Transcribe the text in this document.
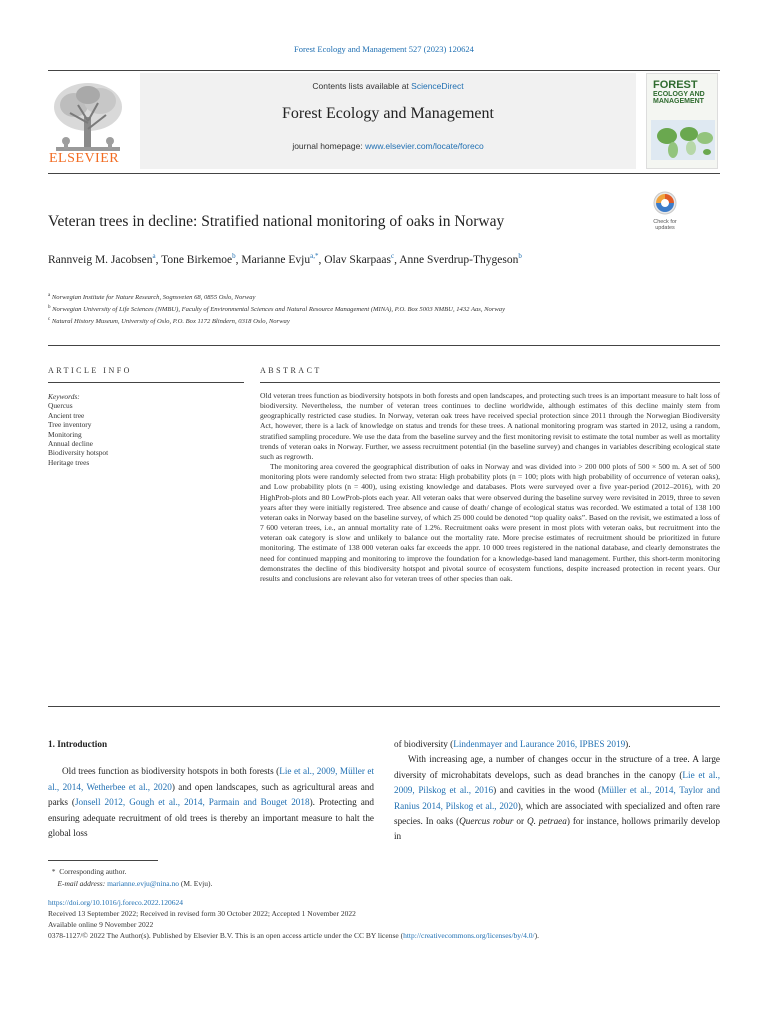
Forest Ecology and Management 527 (2023) 120624
ELSEVIER
Contents lists available at ScienceDirect
Forest Ecology and Management
journal homepage: www.elsevier.com/locate/foreco
FOREST
ECOLOGY AND
MANAGEMENT
Veteran trees in decline: Stratified national monitoring of oaks in Norway	Check for
updates
Rannveig M. Jacobsen$^a$, Tone Birkemoe$^b$, Marianne Evju$^{a,*}$, Olav Skarpaas$^c$, Anne Sverdrup-Thygeson$^b$
$^a$ Norwegian Institute for Nature Research, Sognsveien 68, 0855 Oslo, Norway
$^b$ Norwegian University of Life Sciences (NMBU), Faculty of Environmental Sciences and Natural Resource Management (MINA), P.O. Box 5003 NMBU, 1432 Aas, Norway
$^c$ Natural History Museum, University of Oslo, P.O. Box 1172 Blindern, 0318 Oslo, Norway
ARTICLE INFO
Keywords:
Quercus
Ancient tree
Tree inventory
Monitoring
Annual decline
Biodiversity hotspot
Heritage trees
ABSTRACT

Old veteran trees function as biodiversity hotspots in both forests and open landscapes, and protecting such trees is an important measure to halt loss of biodiversity. Nevertheless, the number of veteran trees continues to decline worldwide, although estimates of this decline mainly stem from geographically restricted case studies. In Norway, veteran oak trees have received special protection since 2011 through the Norwegian Biodiversity Act, however, there is a lack of knowledge on status and trends for these trees. A national monitoring program was started in 2012, using a random, stratified sampling procedure. We use the data from the baseline survey and the first monitoring revisit to estimate the total number as well as mortality trends of veteran oaks in Norway. Further, we assess recruitment potential (in the baseline survey) and changes in variables describing ecological state such as regrowth.

The monitoring area covered the geographical distribution of oaks in Norway and was divided into > 200 000 plots of 500 × 500 m. A set of 500 monitoring plots were randomly selected from two strata: High probability plots (n = 100; plots with high probability of occurrence of veteran oaks), and Low probability plots (n = 400), using existing knowledge and databases. Plots were surveyed over a five year-period (2012–2016), with 20 HighProb-plots and 80 LowProb-plots each year. All veteran oaks that were observed during the baseline survey were revisited in 2019, three to seven years after they were initially registered. Tree absence and cause of death/ change of ecological status was recorded. We estimated a total of 138 100 veteran oaks in Norway based on the baseline survey, of which 25 000 could be denoted “top quality oaks”. Based on the revisit, we estimated a loss of 7 600 veteran trees, i.e., an annual mortality rate of 1.2%. Recruitment oaks were present in most plots with veteran oaks, but recruitment into the veteran oak category is slow and unlikely to balance out the mortality rate. More precise estimates of recruitment should be prioritized in future monitoring. The estimate of 138 000 veteran oaks far exceeds the appr. 10 000 trees registered in the national database, and clearly demonstrates the need for continued mapping and monitoring to improve the foundation for a knowledge-based land management. Further, this short-term monitoring demonstrates the decline of this biodiversity hotspot and pivotal source of ecosystem functions, despite increased protection in recent years. Our results and conclusions are relevant also for veteran trees of other species than oak.

1. Introduction

Old trees function as biodiversity hotspots in both forests (Lie et al., 2009, Müller et al., 2014, Wetherbee et al., 2020) and open landscapes, such as agricultural areas and parks (Jonsell 2012, Gough et al., 2014, Parmain and Bouget 2018). Protecting and ensuring adequate recruitment of old trees is thereby an important measure to halt the global loss

of biodiversity (Lindenmayer and Laurance 2016, IPBES 2019).

With increasing age, a number of changes occur in the structure of a tree. A large diversity of microhabitats develops, such as dead branches in the canopy (Lie et al., 2009, Pilskog et al., 2016) and cavities in the wood (Müller et al., 2014, Taylor and Ranius 2014, Pilskog et al., 2020), which are associated with specialized and often rare species. In oaks (Quercus robur or Q. petraea) for instance, hollows primarily develop in

*  Corresponding author.
E-mail address: marianne.evju@nina.no (M. Evju).
https://doi.org/10.1016/j.foreco.2022.120624
Received 13 September 2022; Received in revised form 30 October 2022; Accepted 1 November 2022
Available online 9 November 2022
0378-1127/© 2022 The Author(s). Published by Elsevier B.V. This is an open access article under the CC BY license (http://creativecommons.org/licenses/by/4.0/).
